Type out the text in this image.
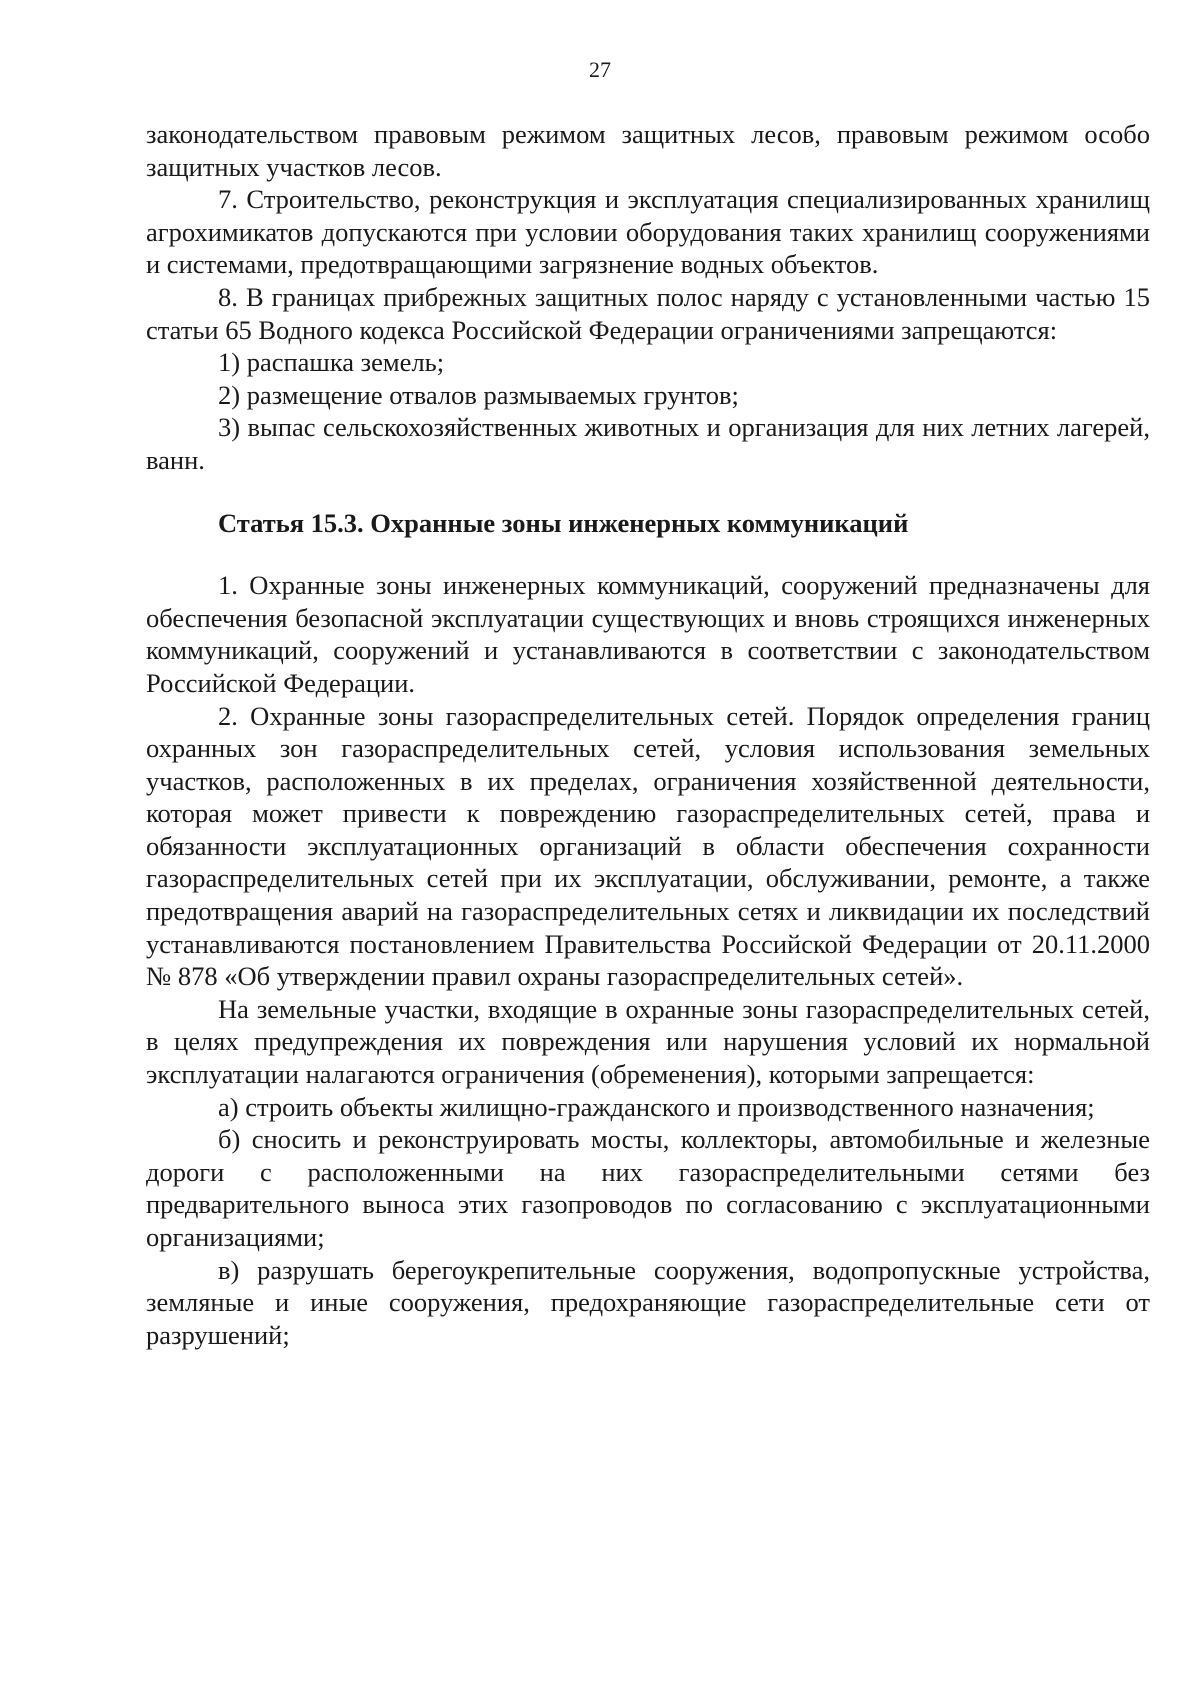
27

законодательством правовым режимом защитных лесов, правовым режимом особо защитных участков лесов.

7. Строительство, реконструкция и эксплуатация специализированных хранилищ агрохимикатов допускаются при условии оборудования таких хранилищ сооружениями и системами, предотвращающими загрязнение водных объектов.

8. В границах прибрежных защитных полос наряду с установленными частью 15 статьи 65 Водного кодекса Российской Федерации ограничениями запрещаются:

1) распашка земель;

2) размещение отвалов размываемых грунтов;

3) выпас сельскохозяйственных животных и организация для них летних лагерей, ванн.

Статья 15.3. Охранные зоны инженерных коммуникаций

1. Охранные зоны инженерных коммуникаций, сооружений предназначены для обеспечения безопасной эксплуатации существующих и вновь строящихся инженерных коммуникаций, сооружений и устанавливаются в соответствии с законодательством Российской Федерации.

2. Охранные зоны газораспределительных сетей. Порядок определения границ охранных зон газораспределительных сетей, условия использования земельных участков, расположенных в их пределах, ограничения хозяйственной деятельности, которая может привести к повреждению газораспределительных сетей, права и обязанности эксплуатационных организаций в области обеспечения сохранности газораспределительных сетей при их эксплуатации, обслуживании, ремонте, а также предотвращения аварий на газораспределительных сетях и ликвидации их последствий устанавливаются постановлением Правительства Российской Федерации от 20.11.2000 № 878 «Об утверждении правил охраны газораспределительных сетей».

На земельные участки, входящие в охранные зоны газораспределительных сетей, в целях предупреждения их повреждения или нарушения условий их нормальной эксплуатации налагаются ограничения (обременения), которыми запрещается:

а) строить объекты жилищно-гражданского и производственного назначения;

б) сносить и реконструировать мосты, коллекторы, автомобильные и железные дороги с расположенными на них газораспределительными сетями без предварительного выноса этих газопроводов по согласованию с эксплуатационными организациями;

в) разрушать берегоукрепительные сооружения, водопропускные устройства, земляные и иные сооружения, предохраняющие газораспределительные сети от разрушений;
